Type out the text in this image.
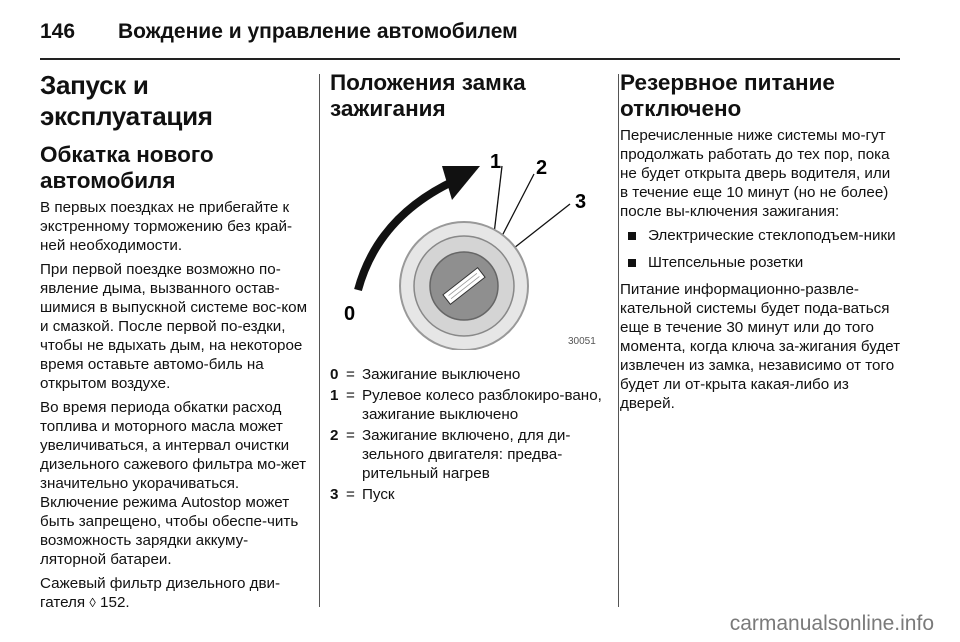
146	Вождение и управление автомобилем
Запуск и эксплуатация
Обкатка нового автомобиля

В первых поездках не прибегайте к экстренному торможению без край-ней необходимости.

При первой поездке возможно по-явление дыма, вызванного остав-шимися в выпускной системе вос-ком и смазкой. После первой по-ездки, чтобы не вдыхать дым, на некоторое время оставьте автомо-биль на открытом воздухе.

Во время периода обкатки расход топлива и моторного масла может увеличиваться, а интервал очистки дизельного сажевого фильтра мо-жет значительно укорачиваться. Включение режима Autostop может быть запрещено, чтобы обеспе-чить возможность зарядки аккуму-ляторной батареи.

Сажевый фильтр дизельного дви-гателя ◊ 152.

Положения замка зажигания
1 2
3
0
30051
0 = Зажигание выключено
1 = Рулевое колесо разблокиро-вано, зажигание выключено
2 = Зажигание включено, для ди-зельного двигателя: предва-рительный нагрев
3 = Пуск
Резервное питание отключено

Перечисленные ниже системы мо-гут продолжать работать до тех пор, пока не будет открыта дверь водителя, или в течение еще 10 минут (но не более) после вы-ключения зажигания:

Электрические стеклоподъем-ники
Штепсельные розетки

Питание информационно-развле-кательной системы будет пода-ваться еще в течение 30 минут или до того момента, когда ключа за-жигания будет извлечен из замка, независимо от того будет ли от-крыта какая-либо из дверей.

carmanualsonline.info
